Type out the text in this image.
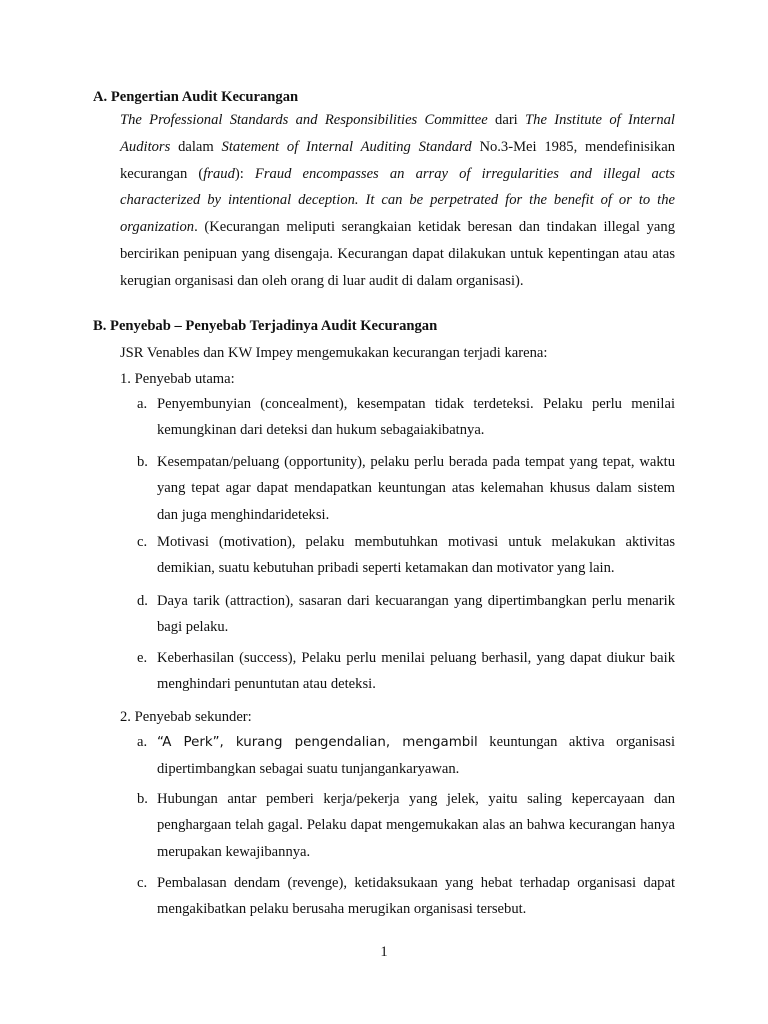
A. Pengertian Audit Kecurangan

The Professional Standards and Responsibilities Committee dari The Institute of Internal Auditors dalam Statement of Internal Auditing Standard No.3-Mei 1985, mendefinisikan kecurangan (fraud): Fraud encompasses an array of irregularities and illegal acts characterized by intentional deception. It can be perpetrated for the benefit of or to the organization. (Kecurangan meliputi serangkaian ketidak beresan dan tindakan illegal yang bercirikan penipuan yang disengaja. Kecurangan dapat dilakukan untuk kepentingan atau atas kerugian organisasi dan oleh orang di luar audit di dalam organisasi).

B. Penyebab – Penyebab Terjadinya Audit Kecurangan
JSR Venables dan KW Impey mengemukakan kecurangan terjadi karena:
1. Penyebab utama:
a. Penyembunyian (concealment), kesempatan tidak terdeteksi. Pelaku perlu menilai kemungkinan dari deteksi dan hukum sebagaiakibatnya.
b. Kesempatan/peluang (opportunity), pelaku perlu berada pada tempat yang tepat, waktu yang tepat agar dapat mendapatkan keuntungan atas kelemahan khusus dalam sistem dan juga menghindarideteksi.
c. Motivasi (motivation), pelaku membutuhkan motivasi untuk melakukan aktivitas demikian, suatu kebutuhan pribadi seperti ketamakan dan motivator yang lain.
d. Daya tarik (attraction), sasaran dari kecuarangan yang dipertimbangkan perlu menarik bagi pelaku.
e. Keberhasilan (success), Pelaku perlu menilai peluang berhasil, yang dapat diukur baik menghindari penuntutan atau deteksi.
2. Penyebab sekunder:
a. “A Perk”, kurang pengendalian, mengambil keuntungan aktiva organisasi dipertimbangkan sebagai suatu tunjangankaryawan.
b. Hubungan antar pemberi kerja/pekerja yang jelek, yaitu saling kepercayaan dan penghargaan telah gagal. Pelaku dapat mengemukakan alas an bahwa kecurangan hanya merupakan kewajibannya.
c. Pembalasan dendam (revenge), ketidaksukaan yang hebat terhadap organisasi dapat mengakibatkan pelaku berusaha merugikan organisasi tersebut.
1
